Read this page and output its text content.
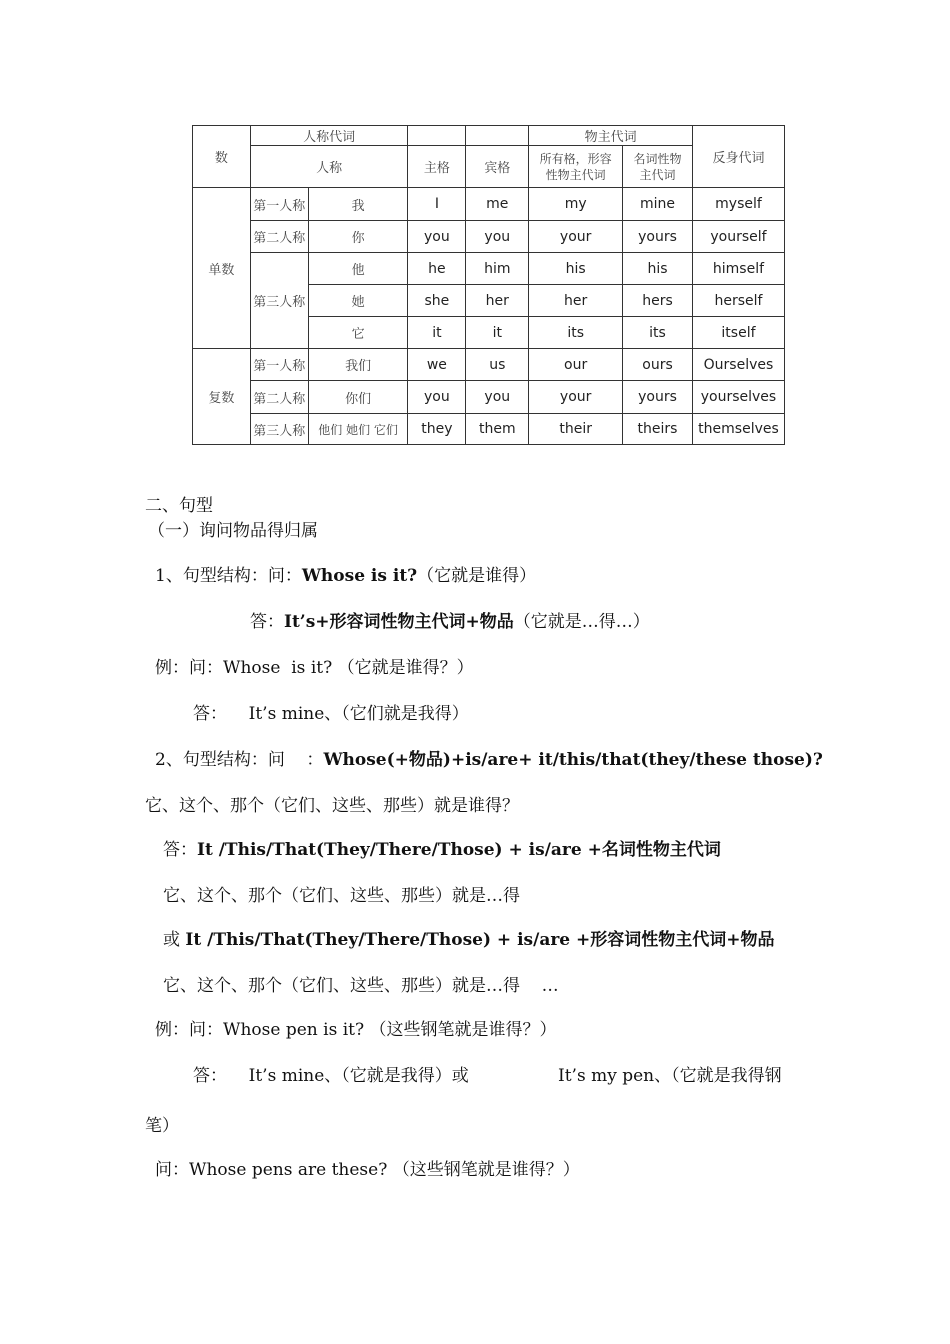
数	人称代词				物主代词		反身代词
	人称		主格	宾格	所有格，形容性物主代词	名词性物主代词	
单数	第一人称	我	I	me	my	mine	myself
	第二人称	你	you	you	your	yours	yourself
	第三人称	他	he	him	his	his	himself
		她	she	her	her	hers	herself
		它	it	it	its	its	itself
复数	第一人称	我们	we	us	our	ours	Ourselves
	第二人称	你们	you	you	your	yours	yourselves
	第三人称	他们 她们 它们	they	them	their	theirs	themselves
二、句型
（一）询问物品得归属
1、句型结构：问：Whose is it?（它就是谁得）
答：It’s+形容词性物主代词+物品（它就是…得…）
例：问：Whose  is it? （它就是谁得？）
答：    It’s mine、（它们就是我得）
2、句型结构：问    ：Whose(+物品)+is/are+ it/this/that(they/these those)?
它、这个、那个（它们、这些、那些）就是谁得？
答：It /This/That(They/There/Those) + is/are +名词性物主代词
它、这个、那个（它们、这些、那些）就是…得
或 It /This/That(They/There/Those) + is/are +形容词性物主代词+物品
它、这个、那个（它们、这些、那些）就是…得    …
例：问：Whose pen is it? （这些钢笔就是谁得？）
答：    It’s mine、（它就是我得）或	It’s my pen、（它就是我得钢
笔）
问：Whose pens are these? （这些钢笔就是谁得？）
